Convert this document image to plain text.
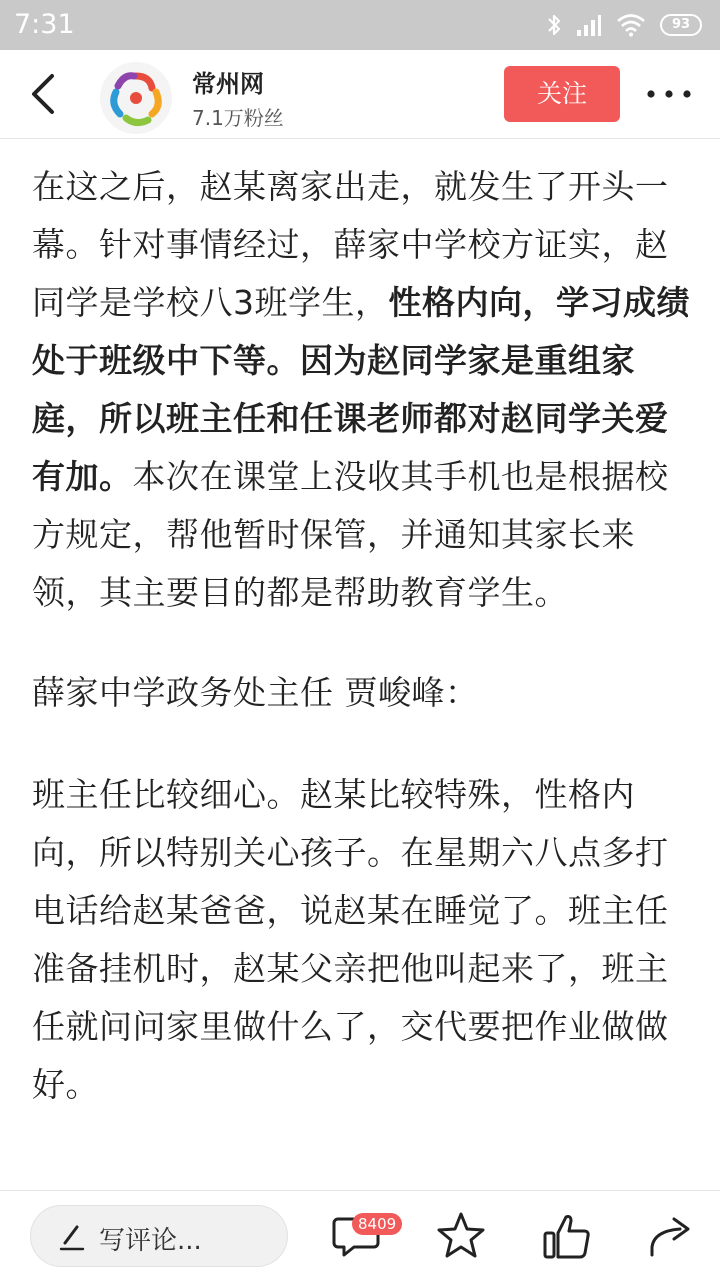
7:31	93
常州网
7.1万粉丝
关注

在这之后，赵某离家出走，就发生了开头一幕。针对事情经过，薛家中学校方证实，赵同学是学校八3班学生，性格内向，学习成绩处于班级中下等。因为赵同学家是重组家庭，所以班主任和任课老师都对赵同学关爱有加。本次在课堂上没收其手机也是根据校方规定，帮他暂时保管，并通知其家长来领，其主要目的都是帮助教育学生。

薛家中学政务处主任 贾峻峰：

班主任比较细心。赵某比较特殊，性格内向，所以特别关心孩子。在星期六八点多打电话给赵某爸爸，说赵某在睡觉了。班主任准备挂机时，赵某父亲把他叫起来了，班主任就问问家里做什么了，交代要把作业做做好。

写评论...
8409
